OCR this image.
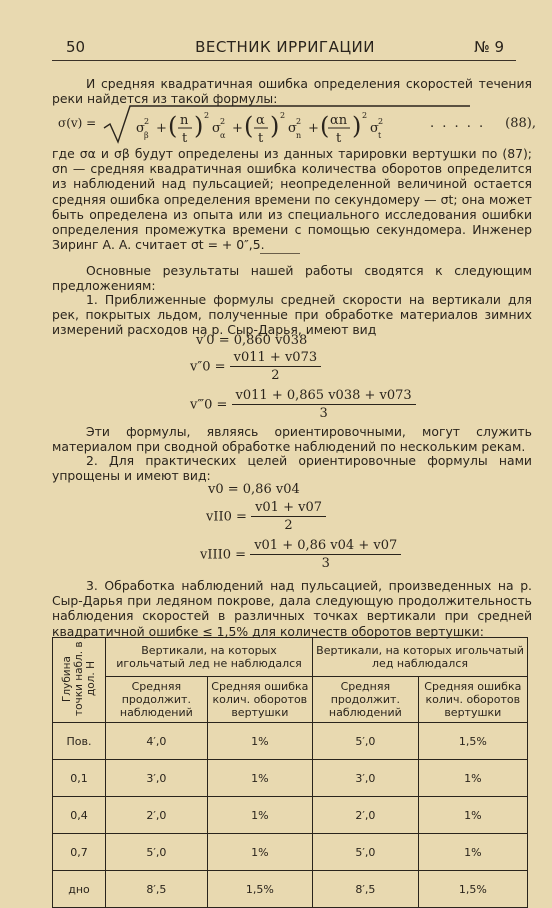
50	ВЕСТНИК ИРРИГАЦИИ	№ 9

И средняя квадратичная ошибка определения скоростей течения реки найдется из такой формулы:

σ(v) =	σ β
2 + ( n
t ) 2
σ α
2 + ( α
t ) 2
σ n
2 + ( αn
t ) 2
σ t
2	. . . . . (88),

где σα и σβ будут определены из данных тарировки вертушки по (87); σn — средняя квадратичная ошибка количества оборотов определится из наблюдений над пульсацией; неопределенной величиной остается средняя ошибка определения времени по секундомеру — σt; она может быть определена из опыта или из специального исследования ошибки определения промежутка времени с помощью секундомера. Инженер Зиринг А. А. считает σt = + 0″,5.

Основные результаты нашей работы сводятся к следующим предложениям:

1. Приближенные формулы средней скорости на вертикали для рек, покрытых льдом, полученные при обработке материалов зимних измерений расходов на р. Сыр-Дарья, имеют вид

v′0 = 0,860 v038
$v''0 = \frac{v011 + v073}{2}$
v‴0 = $\frac{v011 + 0,865 v038 + v073}{3}$

Эти формулы, являясь ориентировочными, могут служить материалом при сводной обработке наблюдений по нескольким рекам.

2. Для практических целей ориентировочные формулы нами упрощены и имеют вид:

v0 = 0,86 v04
$vII0 = \frac{v01 + v07}{2}$
vIII0 = $\frac{v01 + 0,86 v04 + v07}{3}$

3. Обработка наблюдений над пульсацией, произведенных на р. Сыр-Дарья при ледяном покрове, дала следующую продолжительность наблюдения скоростей в различных точках вертикали при средней квадратичной ошибке ≤ 1,5% для количеств оборотов вертушки:

Глубина точки набл. в дол. Н	Вертикали, на которых игольчатый лед не наблюдался		Вертикали, на которых игольчатый лед наблюдался	
	Средняя продолжит. наблюдений	Средняя ошибка колич. оборотов вертушки	Средняя продолжит. наблюдений	Средняя ошибка колич. оборотов вертушки
Пов.	4′,0	1%	5′,0	1,5%
0,1	3′,0	1%	3′,0	1%
0,4	2′,0	1%	2′,0	1%
0,7	5′,0	1%	5′,0	1%
дно	8′,5	1,5%	8′,5	1,5%
